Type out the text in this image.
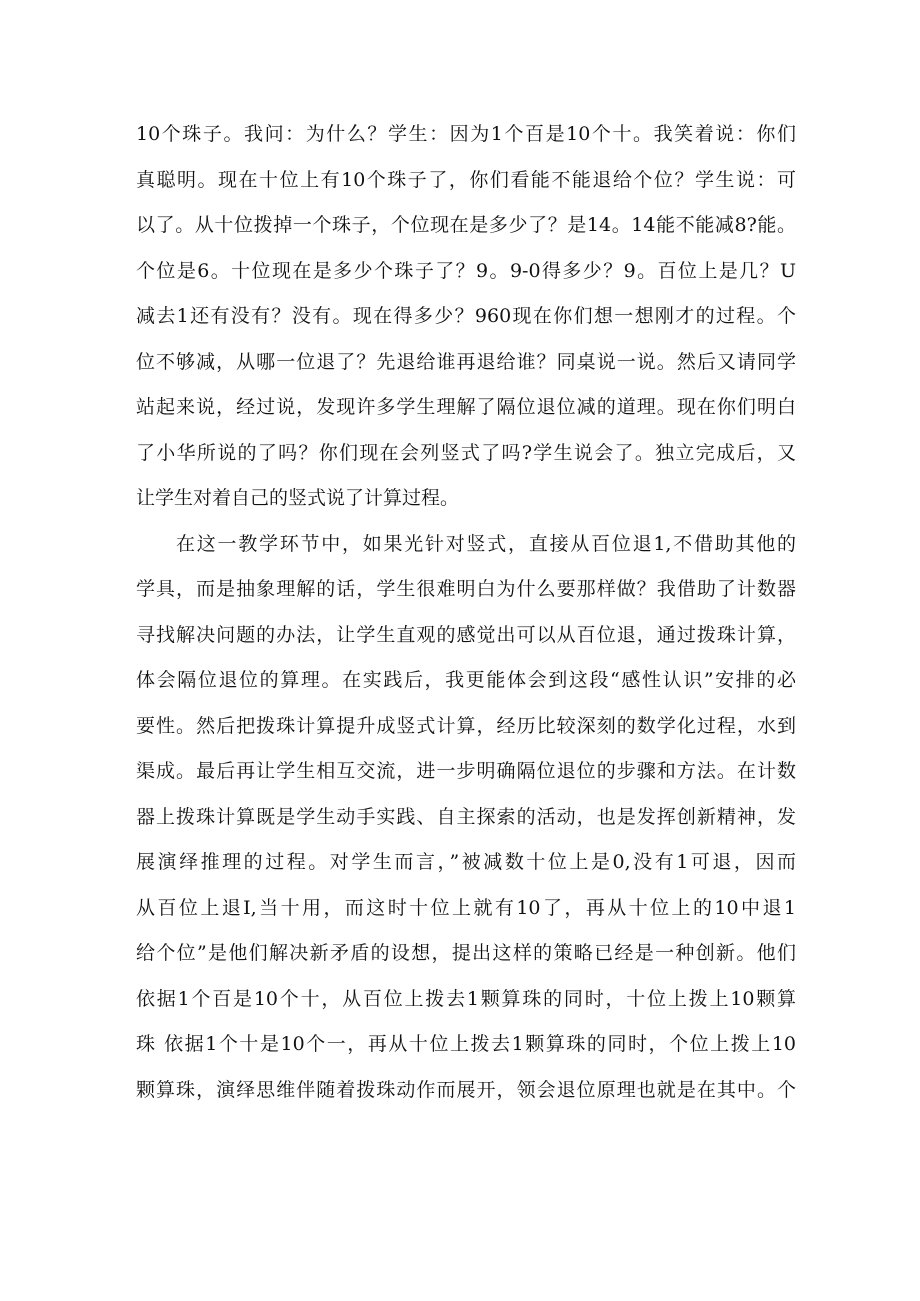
10个珠子。我问：为什么？学生：因为1个百是10个十。我笑着说：你们
真聪明。现在十位上有10个珠子了，你们看能不能退给个位？学生说：可
以了。从十位拨掉一个珠子，个位现在是多少了？是14。14能不能减8?能。
个位是6。十位现在是多少个珠子了？9。9-0得多少？9。百位上是几？U
减去1还有没有？没有。现在得多少？960现在你们想一想刚才的过程。个
位不够减，从哪一位退了？先退给谁再退给谁？同桌说一说。然后又请同学
站起来说，经过说，发现许多学生理解了隔位退位减的道理。现在你们明白
了小华所说的了吗？你们现在会列竖式了吗?学生说会了。独立完成后，又
让学生对着自己的竖式说了计算过程。
在这一教学环节中，如果光针对竖式，直接从百位退1,不借助其他的
学具，而是抽象理解的话，学生很难明白为什么要那样做？我借助了计数器
寻找解决问题的办法，让学生直观的感觉出可以从百位退，通过拨珠计算，
体会隔位退位的算理。在实践后，我更能体会到这段“感性认识”安排的必
要性。然后把拨珠计算提升成竖式计算，经历比较深刻的数学化过程，水到
渠成。最后再让学生相互交流，进一步明确隔位退位的步骤和方法。在计数
器上拨珠计算既是学生动手实践、自主探索的活动，也是发挥创新精神，发
展演绎推理的过程。对学生而言，”被减数十位上是0,没有1可退，因而
从百位上退I,当十用，而这时十位上就有10了，再从十位上的10中退1
给个位”是他们解决新矛盾的设想，提出这样的策略已经是一种创新。他们
依据1个百是10个十，从百位上拨去1颗算珠的同时，十位上拨上10颗算
珠 依据1个十是10个一，再从十位上拨去1颗算珠的同时，个位上拨上10
颗算珠，演绎思维伴随着拨珠动作而展开，领会退位原理也就是在其中。个
